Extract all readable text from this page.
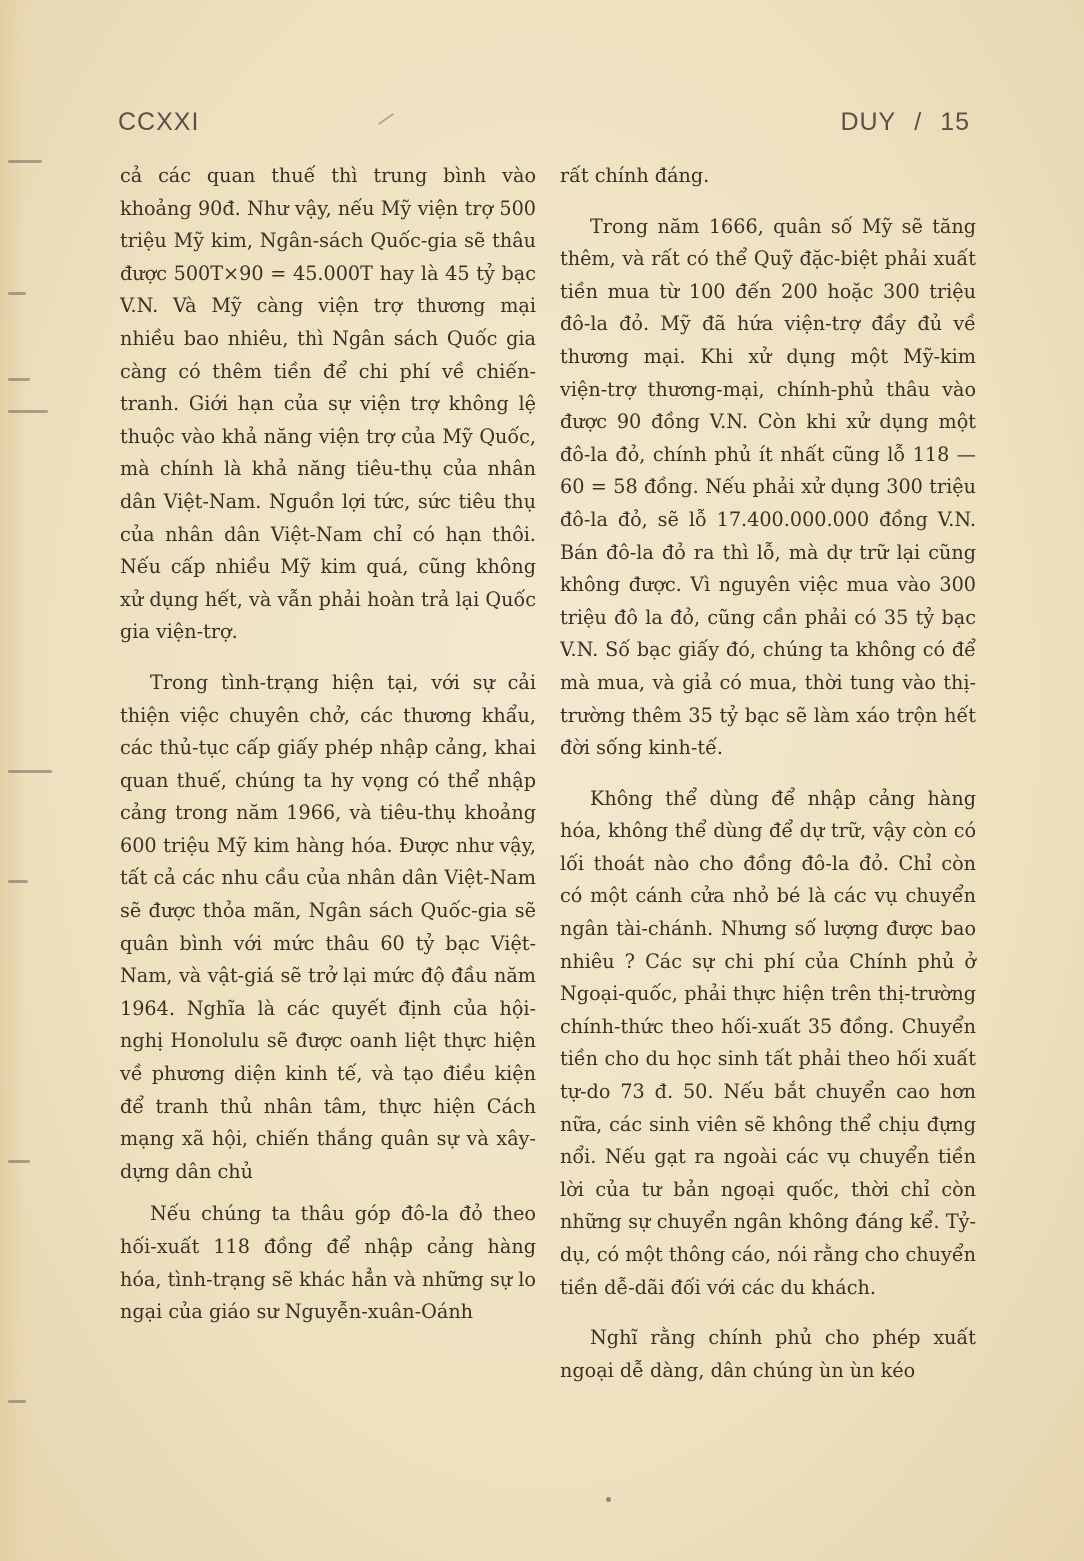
CCXXI	DUY / 15

cả các quan thuế thì trung bình vào khoảng 90đ. Như vậy, nếu Mỹ viện trợ 500 triệu Mỹ kim, Ngân-sách Quốc-gia sẽ thâu được 500T×90 = 45.000T hay là 45 tỷ bạc V.N. Và Mỹ càng viện trợ thương mại nhiều bao nhiêu, thì Ngân sách Quốc gia càng có thêm tiền để chi phí về chiến-tranh. Giới hạn của sự viện trợ không lệ thuộc vào khả năng viện trợ của Mỹ Quốc, mà chính là khả năng tiêu-thụ của nhân dân Việt-Nam. Nguồn lợi tức, sức tiêu thụ của nhân dân Việt-Nam chỉ có hạn thôi. Nếu cấp nhiều Mỹ kim quá, cũng không xử dụng hết, và vẫn phải hoàn trả lại Quốc gia viện-trợ.

Trong tình-trạng hiện tại, với sự cải thiện việc chuyên chở, các thương khẩu, các thủ-tục cấp giấy phép nhập cảng, khai quan thuế, chúng ta hy vọng có thể nhập cảng trong năm 1966, và tiêu-thụ khoảng 600 triệu Mỹ kim hàng hóa. Được như vậy, tất cả các nhu cầu của nhân dân Việt-Nam sẽ được thỏa mãn, Ngân sách Quốc-gia sẽ quân bình với mức thâu 60 tỷ bạc Việt-Nam, và vật-giá sẽ trở lại mức độ đầu năm 1964. Nghĩa là các quyết định của hội-nghị Honolulu sẽ được oanh liệt thực hiện về phương diện kinh tế, và tạo điều kiện để tranh thủ nhân tâm, thực hiện Cách mạng xã hội, chiến thắng quân sự và xây-dựng dân chủ

Nếu chúng ta thâu góp đô-la đỏ theo hối-xuất 118 đồng để nhập cảng hàng hóa, tình-trạng sẽ khác hẳn và những sự lo ngại của giáo sư Nguyễn-xuân-Oánh

rất chính đáng.

Trong năm 1666, quân số Mỹ sẽ tăng thêm, và rất có thể Quỹ đặc-biệt phải xuất tiền mua từ 100 đến 200 hoặc 300 triệu đô-la đỏ. Mỹ đã hứa viện-trợ đầy đủ về thương mại. Khi xử dụng một Mỹ-kim viện-trợ thương-mại, chính-phủ thâu vào được 90 đồng V.N. Còn khi xử dụng một đô-la đỏ, chính phủ ít nhất cũng lỗ 118 — 60 = 58 đồng. Nếu phải xử dụng 300 triệu đô-la đỏ, sẽ lỗ 17.400.000.000 đồng V.N. Bán đô-la đỏ ra thì lỗ, mà dự trữ lại cũng không được. Vì nguyên việc mua vào 300 triệu đô la đỏ, cũng cần phải có 35 tỷ bạc V.N. Số bạc giấy đó, chúng ta không có để mà mua, và giả có mua, thời tung vào thị-trường thêm 35 tỷ bạc sẽ làm xáo trộn hết đời sống kinh-tế.

Không thể dùng để nhập cảng hàng hóa, không thể dùng để dự trữ, vậy còn có lối thoát nào cho đồng đô-la đỏ. Chỉ còn có một cánh cửa nhỏ bé là các vụ chuyển ngân tài-chánh. Nhưng số lượng được bao nhiêu ? Các sự chi phí của Chính phủ ở Ngoại-quốc, phải thực hiện trên thị-trường chính-thức theo hối-xuất 35 đồng. Chuyển tiền cho du học sinh tất phải theo hối xuất tự-do 73 đ. 50. Nếu bắt chuyển cao hơn nữa, các sinh viên sẽ không thể chịu đựng nổi. Nếu gạt ra ngoài các vụ chuyển tiền lời của tư bản ngoại quốc, thời chỉ còn những sự chuyển ngân không đáng kể. Tỷ-dụ, có một thông cáo, nói rằng cho chuyển tiền dễ-dãi đối với các du khách.

Nghĩ rằng chính phủ cho phép xuất ngoại dễ dàng, dân chúng ùn ùn kéo
